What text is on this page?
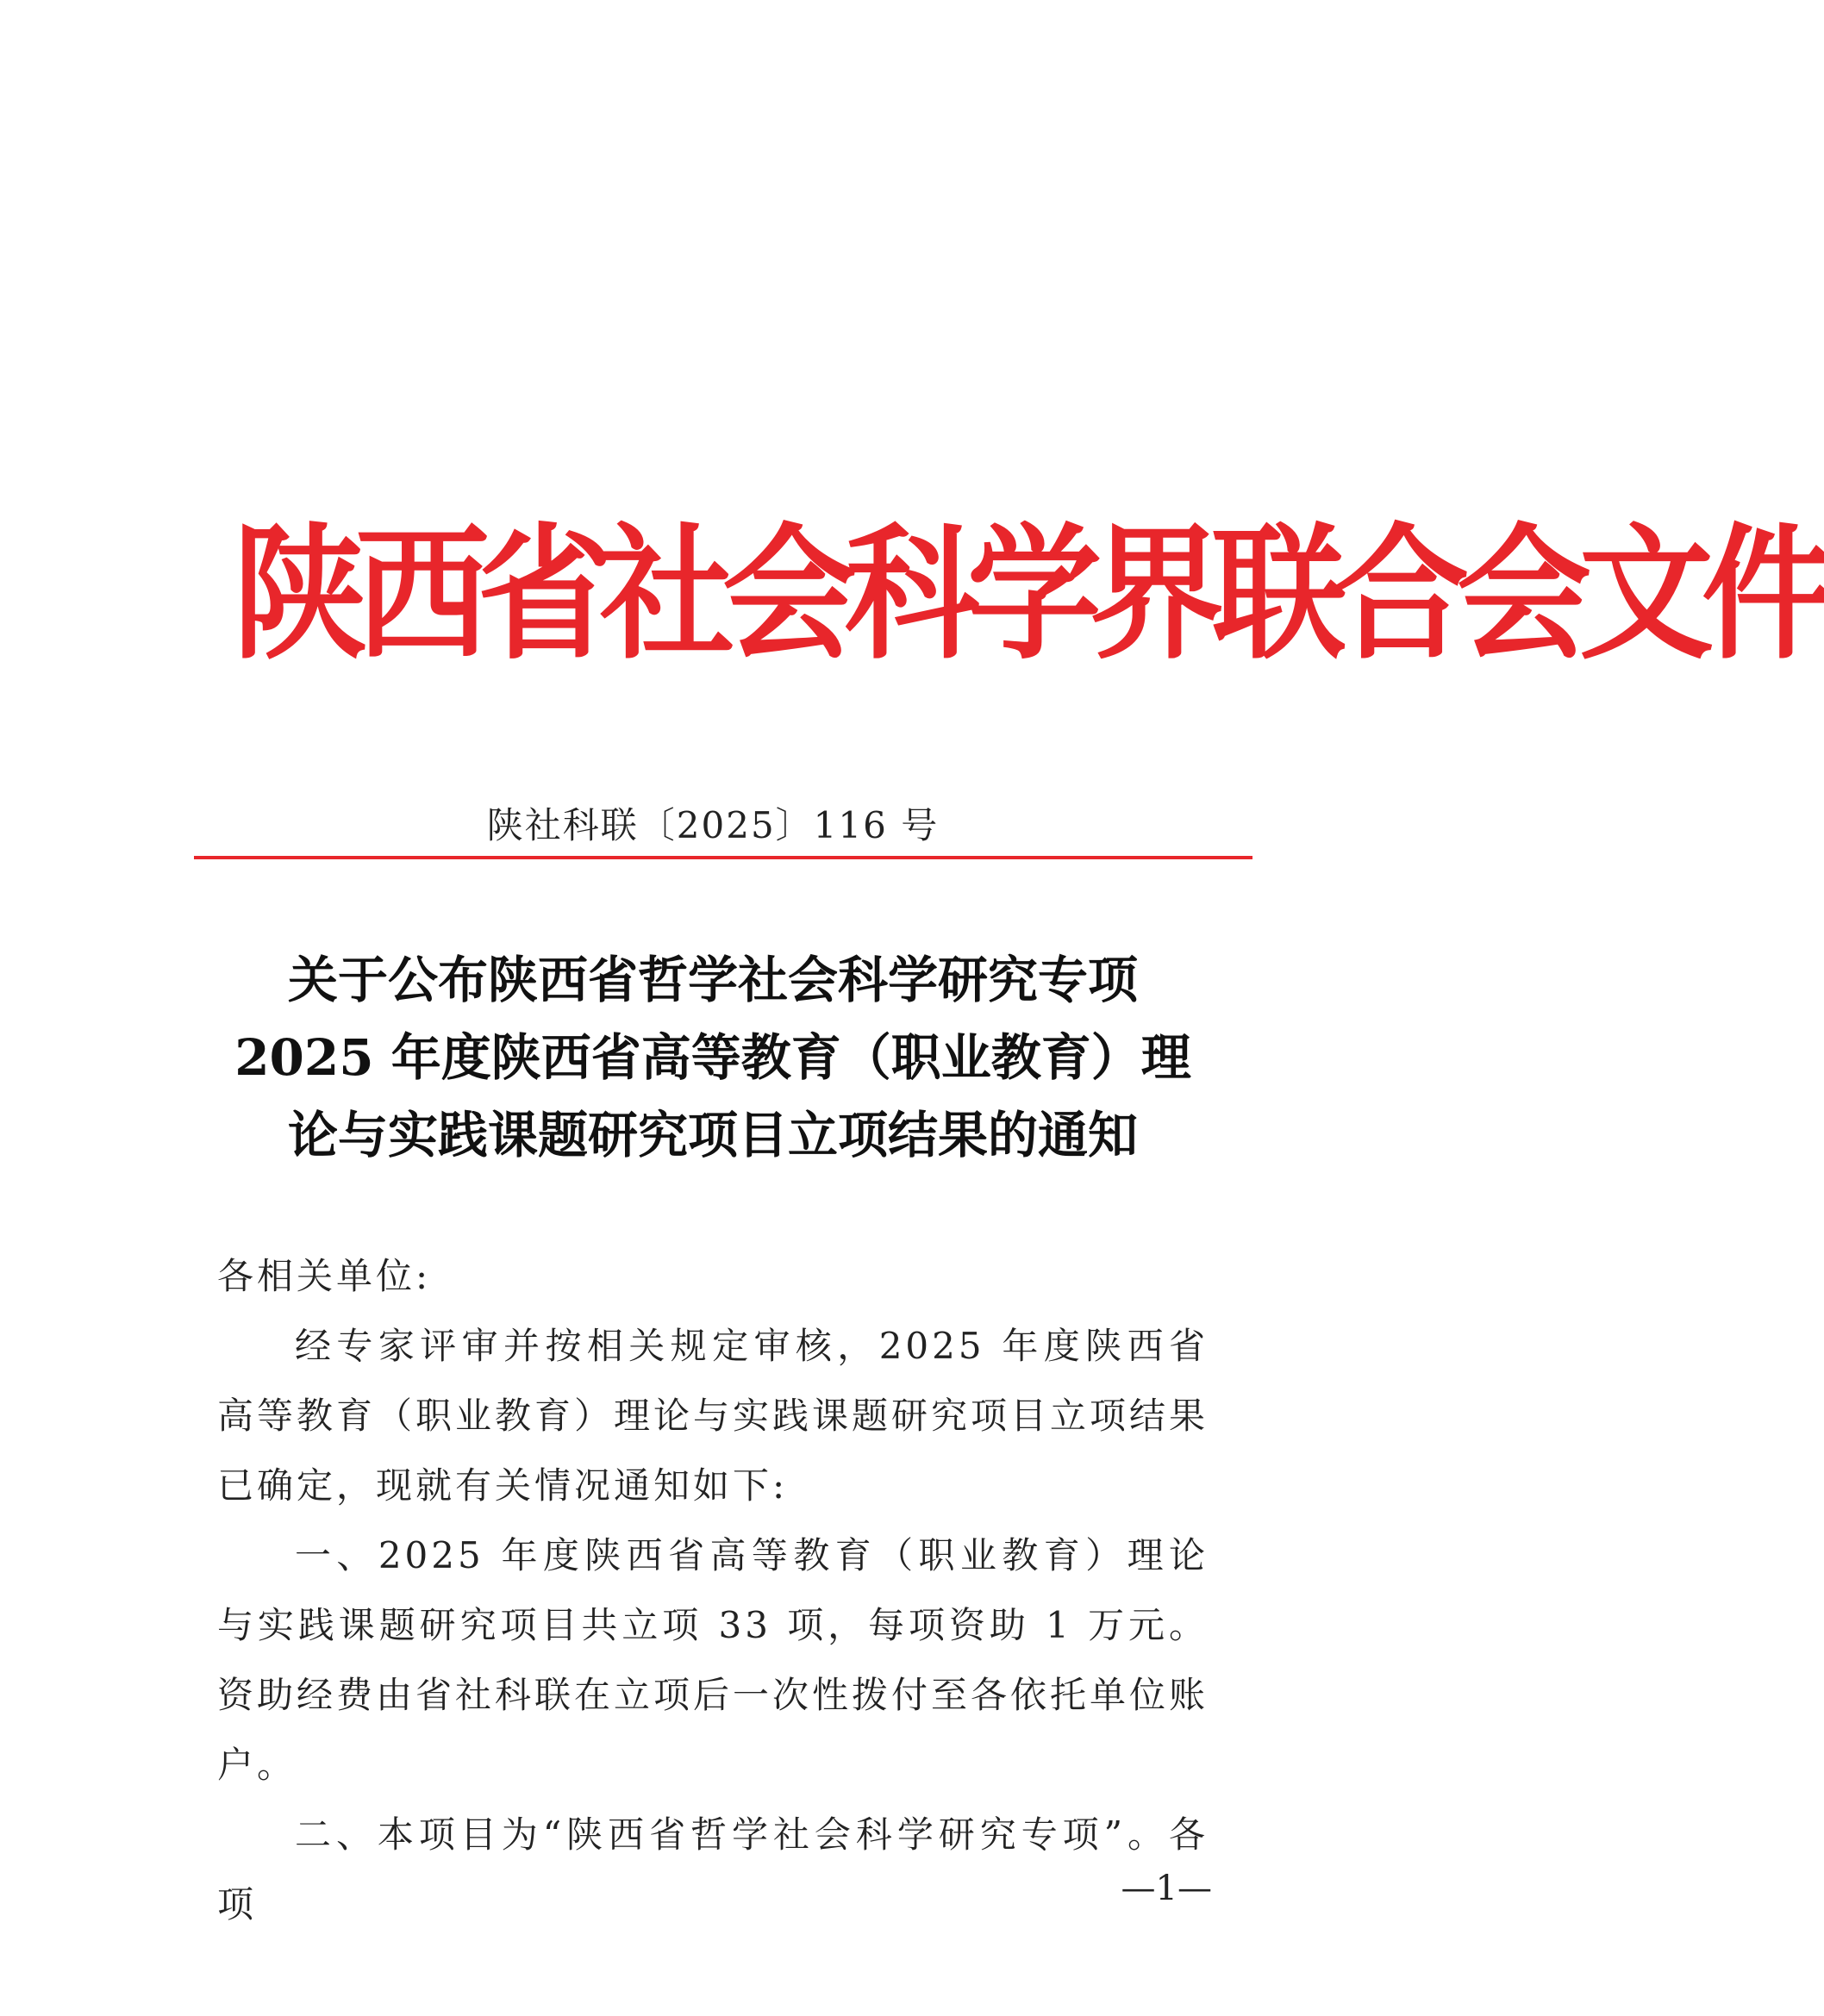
陕西省社会科学界联合会文件
陕社科联〔2025〕116 号
关于公布陕西省哲学社会科学研究专项
2025 年度陕西省高等教育（职业教育）理
论与实践课题研究项目立项结果的通知

各相关单位:

经专家评审并按相关规定审核，2025 年度陕西省高等教育（职业教育）理论与实践课题研究项目立项结果已确定，现就有关情况通知如下:

一、2025 年度陕西省高等教育（职业教育）理论与实践课题研究项目共立项 33 项，每项资助 1 万元。资助经费由省社科联在立项后一次性拨付至各依托单位账户。

二、本项目为“陕西省哲学社会科学研究专项”。各项	—1—
